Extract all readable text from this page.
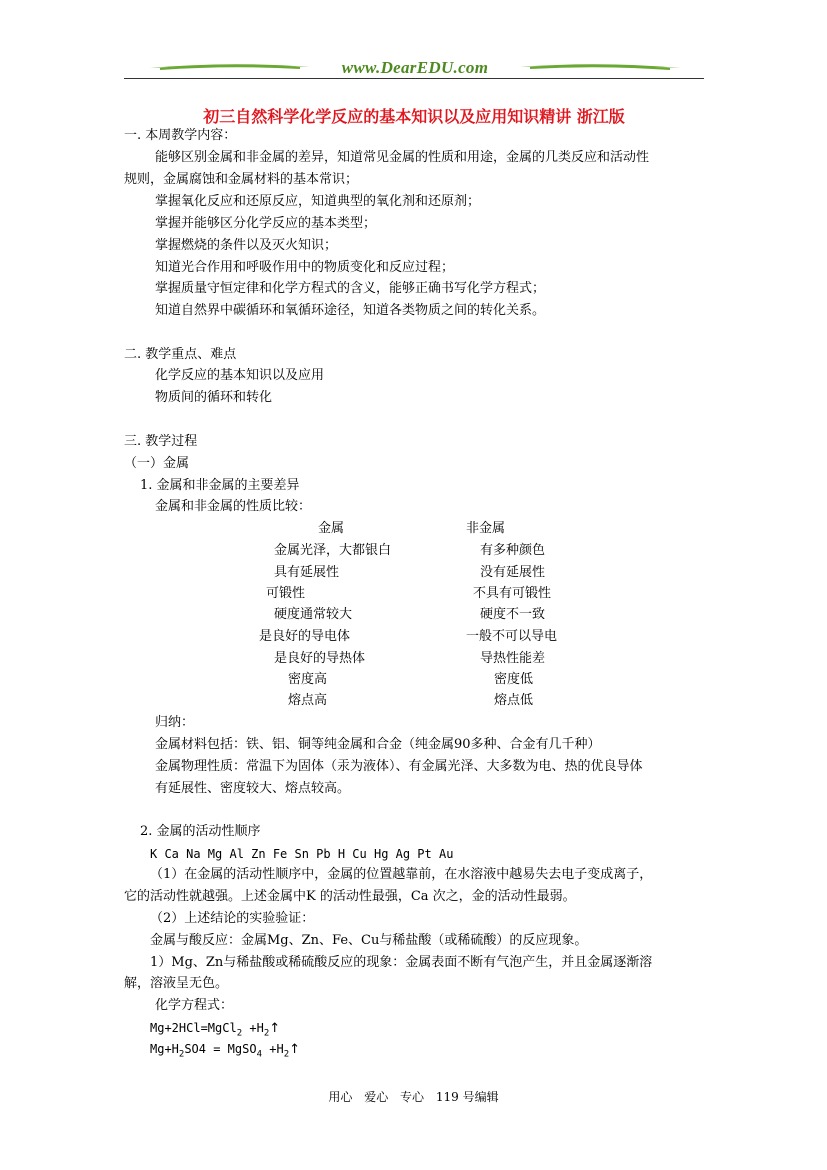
www.DearEDU.com
初三自然科学化学反应的基本知识以及应用知识精讲 浙江版
一. 本周教学内容：
能够区别金属和非金属的差异，知道常见金属的性质和用途，金属的几类反应和活动性
规则，金属腐蚀和金属材料的基本常识；
掌握氧化反应和还原反应，知道典型的氧化剂和还原剂；
掌握并能够区分化学反应的基本类型；
掌握燃烧的条件以及灭火知识；
知道光合作用和呼吸作用中的物质变化和反应过程；
掌握质量守恒定律和化学方程式的含义，能够正确书写化学方程式；
知道自然界中碳循环和氧循环途径，知道各类物质之间的转化关系。
二. 教学重点、难点
化学反应的基本知识以及应用
物质间的循环和转化
三. 教学过程
（一）金属
1. 金属和非金属的主要差异
金属和非金属的性质比较：
金属	非金属
金属光泽，大都银白	有多种颜色
具有延展性	没有延展性
可锻性	不具有可锻性
硬度通常较大	硬度不一致
是良好的导电体	一般不可以导电
是良好的导热体	导热性能差
密度高	密度低
熔点高	熔点低
归纳：
金属材料包括：铁、铝、铜等纯金属和合金（纯金属90多种、合金有几千种）
金属物理性质：常温下为固体（汞为液体）、有金属光泽、大多数为电、热的优良导体
有延展性、密度较大、熔点较高。
2. 金属的活动性顺序
K Ca Na Mg Al Zn Fe Sn Pb H Cu Hg Ag Pt Au
（1）在金属的活动性顺序中，金属的位置越靠前，在水溶液中越易失去电子变成离子，
它的活动性就越强。上述金属中K 的活动性最强，Ca 次之，金的活动性最弱。
（2）上述结论的实验验证：
金属与酸反应：金属Mg、Zn、Fe、Cu与稀盐酸（或稀硫酸）的反应现象。
1）Mg、Zn与稀盐酸或稀硫酸反应的现象：金属表面不断有气泡产生，并且金属逐渐溶
解，溶液呈无色。
化学方程式：
Mg+2HCl=MgCl$_2$ $+H_2↑$
$Mg+H_2SO4$ = MgSO$_4$ $+H_2↑$
用心 爱心 专心 119 号编辑
